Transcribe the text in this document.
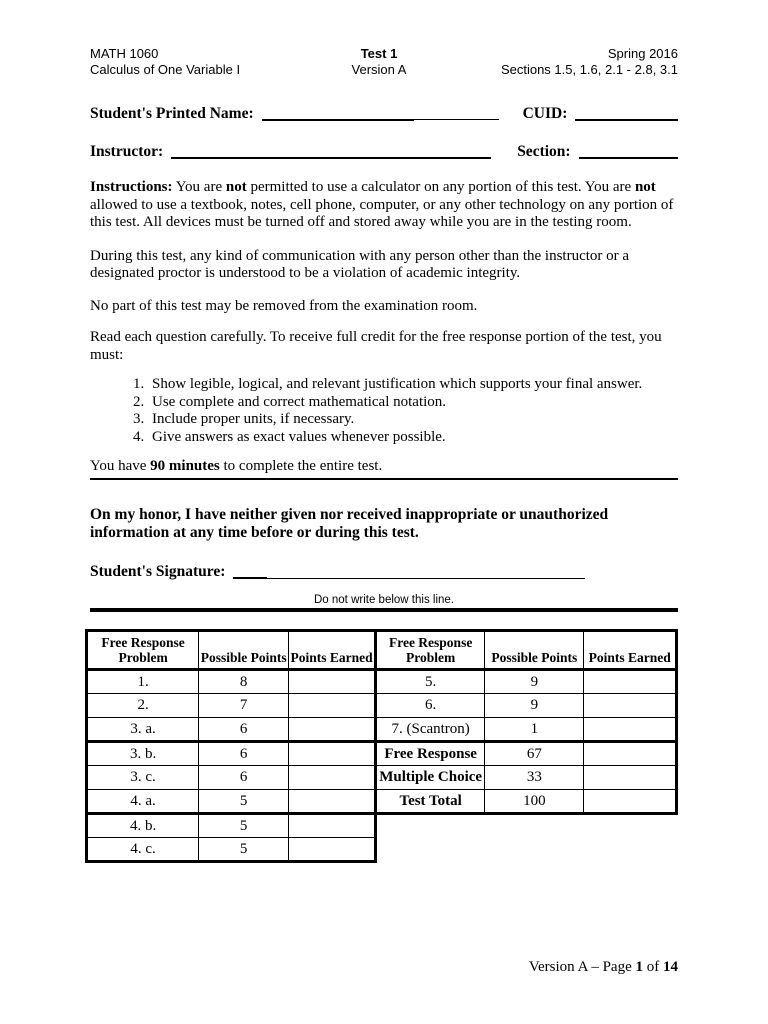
MATH 1060
Calculus of One Variable I
Test 1
Version A
Spring 2016
Sections 1.5, 1.6, 2.1 - 2.8, 3.1
Student's Printed Name:	CUID:
Instructor:	Section:

Instructions: You are not permitted to use a calculator on any portion of this test. You are not allowed to use a textbook, notes, cell phone, computer, or any other technology on any portion of this test. All devices must be turned off and stored away while you are in the testing room.

During this test, any kind of communication with any person other than the instructor or a designated proctor is understood to be a violation of academic integrity.

No part of this test may be removed from the examination room.

Read each question carefully. To receive full credit for the free response portion of the test, you must:

1. Show legible, logical, and relevant justification which supports your final answer.
2. Use complete and correct mathematical notation.
3. Include proper units, if necessary.
4. Give answers as exact values whenever possible.
You have 90 minutes to complete the entire test.

On my honor, I have neither given nor received inappropriate or unauthorized information at any time before or during this test.

Student's Signature:
Do not write below this line.
Free Response Problem	Possible Points	Points Earned
1.	8	
2.	7	
3. a.	6	
3. b.	6	
3. c.	6	
4. a.	5	
4. b.	5	
4. c.	5	
Free Response Problem	Possible Points	Points Earned
5.	9	
6.	9	
7. (Scantron)	1	
Free Response	67	
Multiple Choice	33	
Test Total	100	
Version A – Page 1 of 14
